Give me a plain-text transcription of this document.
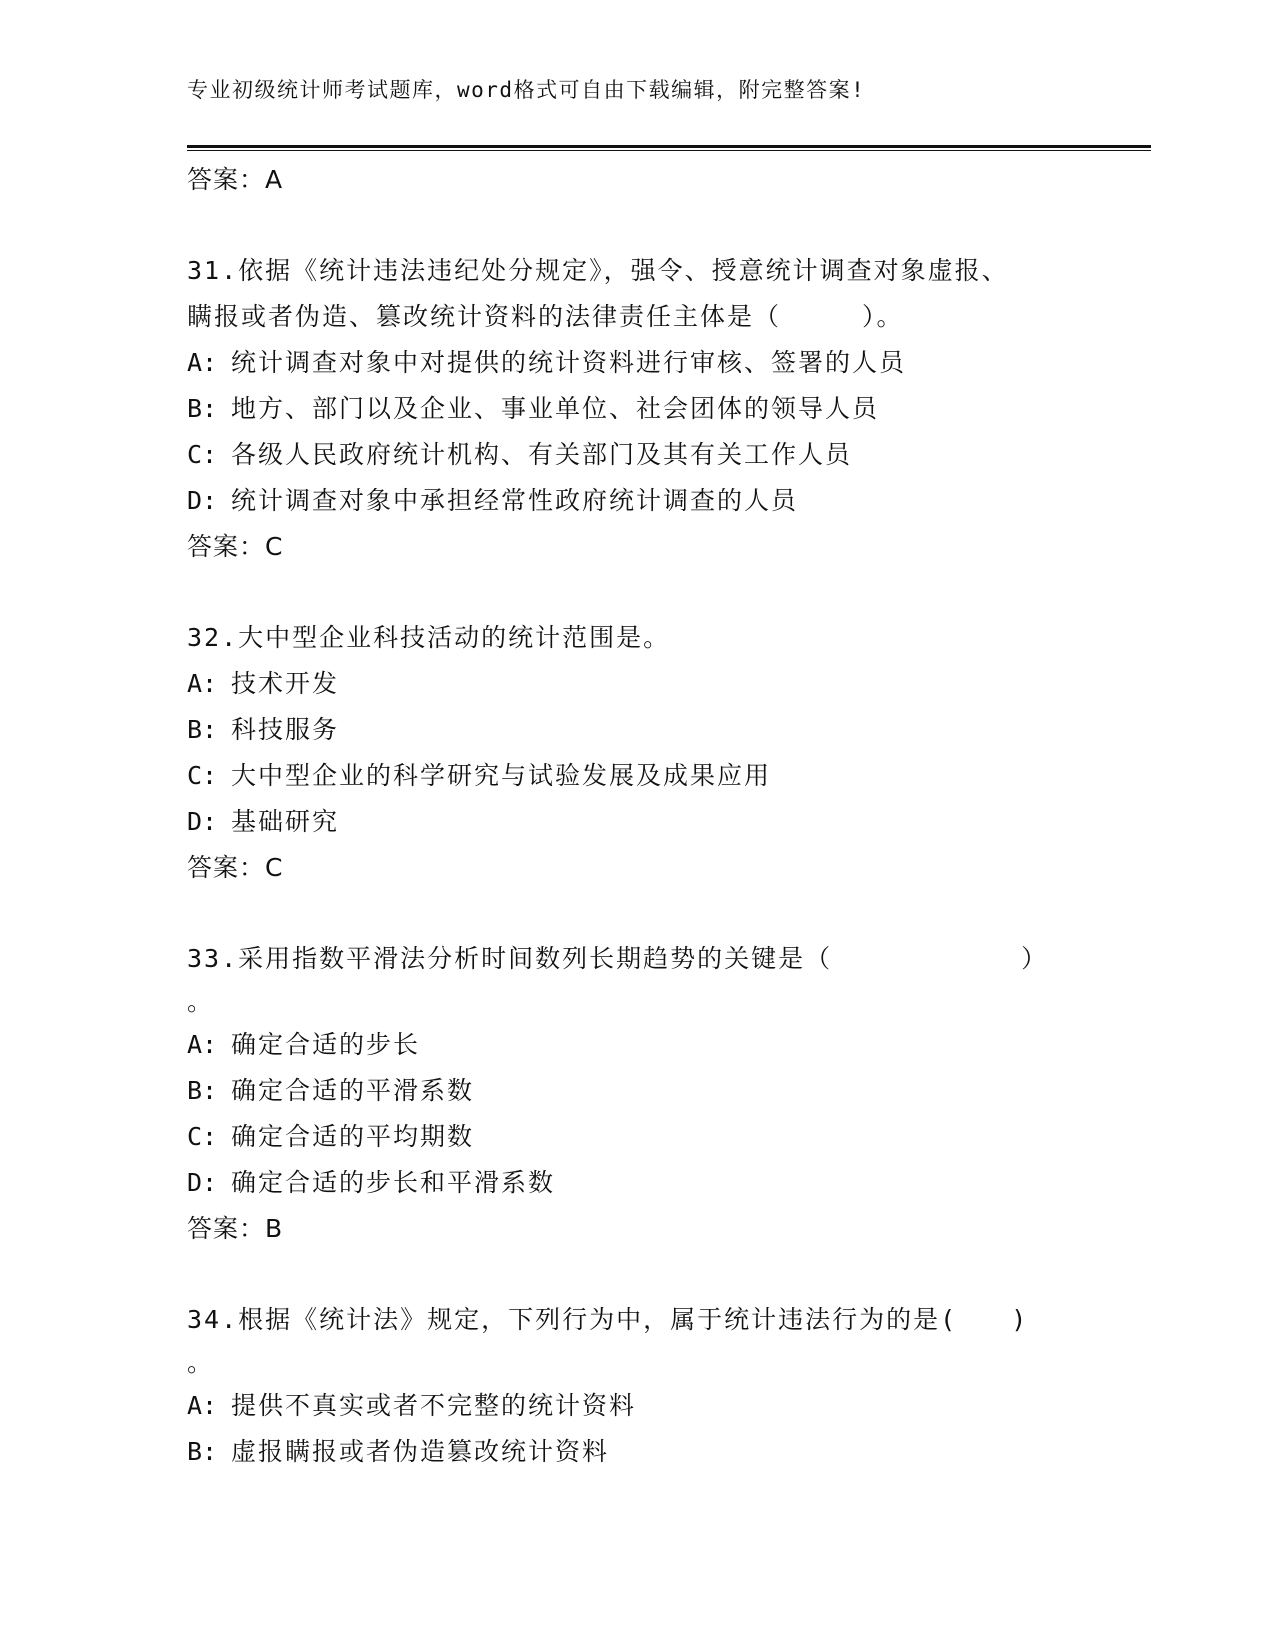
专业初级统计师考试题库，word格式可自由下载编辑，附完整答案!
答案：A
31.依据《统计违法违纪处分规定》，强令、授意统计调查对象虚报、
瞒报或者伪造、篡改统计资料的法律责任主体是（　　　）。
A: 统计调查对象中对提供的统计资料进行审核、签署的人员
B: 地方、部门以及企业、事业单位、社会团体的领导人员
C: 各级人民政府统计机构、有关部门及其有关工作人员
D: 统计调查对象中承担经常性政府统计调查的人员
答案：C
32.大中型企业科技活动的统计范围是。
A: 技术开发
B: 科技服务
C: 大中型企业的科学研究与试验发展及成果应用
D: 基础研究
答案：C
33.采用指数平滑法分析时间数列长期趋势的关键是（　　　　　　　）
。
A: 确定合适的步长
B: 确定合适的平滑系数
C: 确定合适的平均期数
D: 确定合适的步长和平滑系数
答案：B
34.根据《统计法》规定，下列行为中，属于统计违法行为的是(　　)
。
A: 提供不真实或者不完整的统计资料
B: 虚报瞒报或者伪造篡改统计资料
